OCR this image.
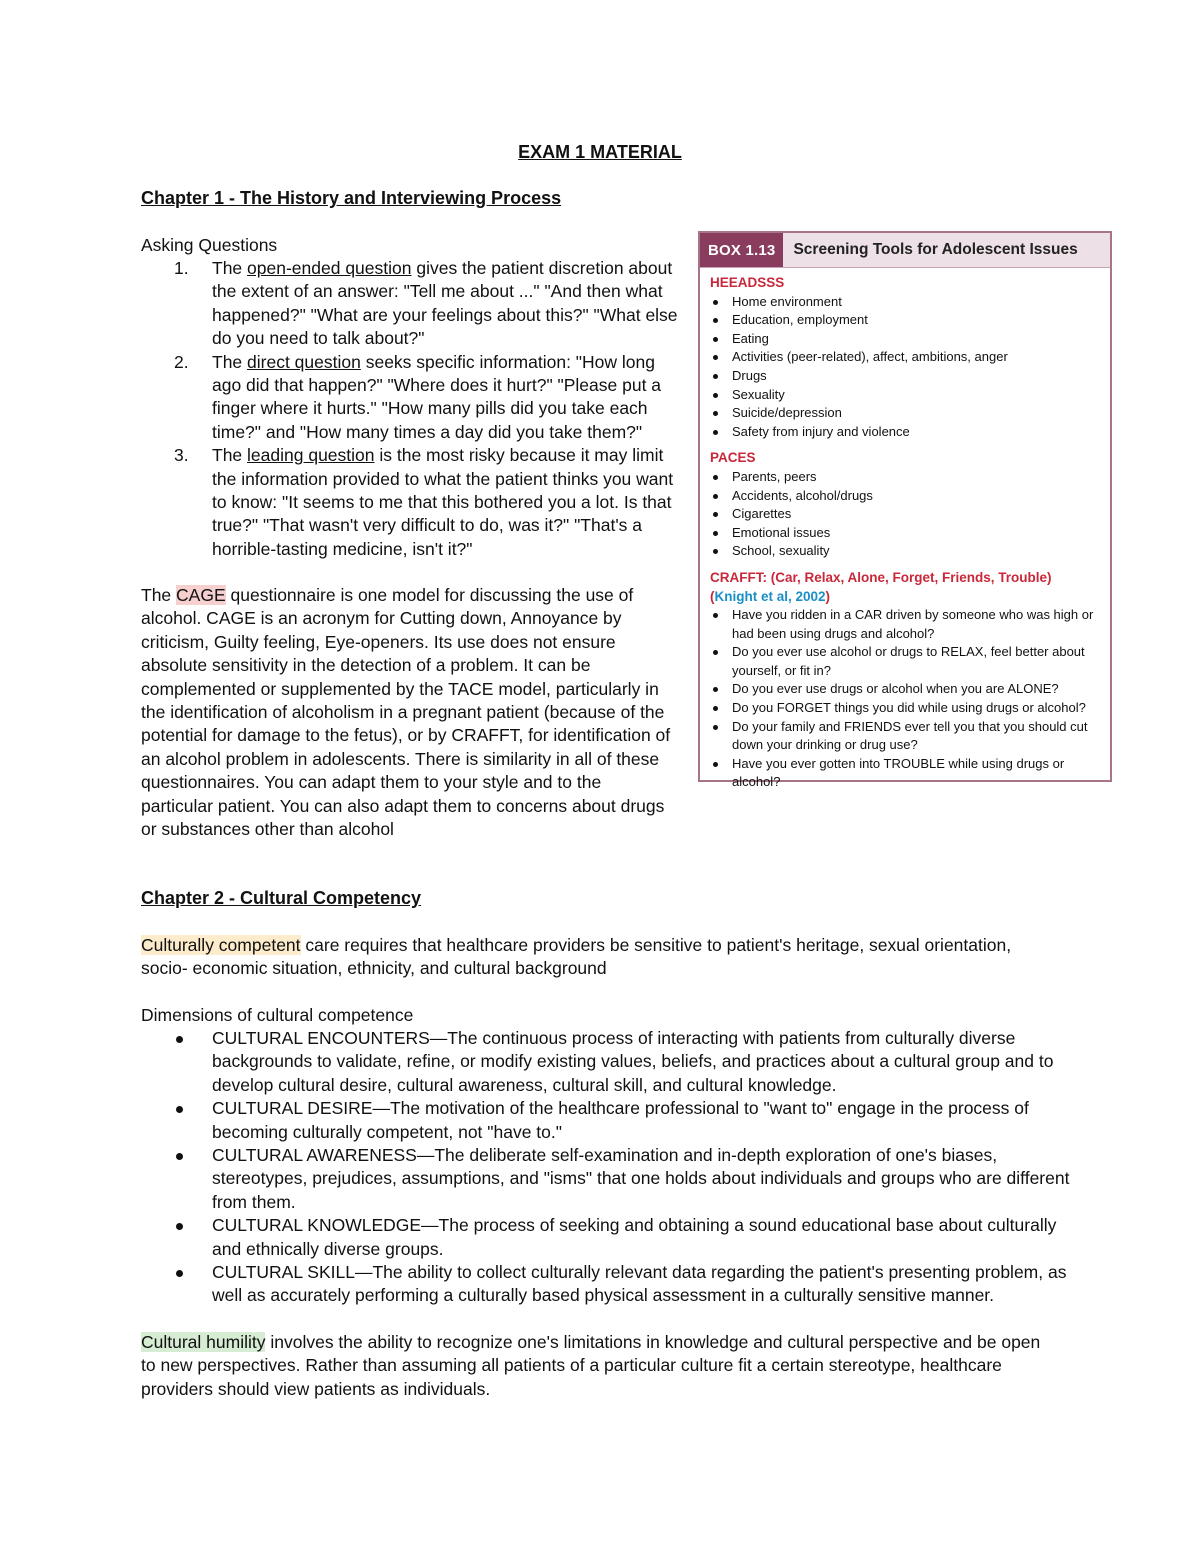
EXAM 1 MATERIAL
Chapter 1 - The History and Interviewing Process

Asking Questions

1. The open-ended question gives the patient discretion about the extent of an answer: "Tell me about ..." "And then what happened?" "What are your feelings about this?" "What else do you need to talk about?"
2. The direct question seeks specific information: "How long ago did that happen?" "Where does it hurt?" "Please put a finger where it hurts." "How many pills did you take each time?" and "How many times a day did you take them?"
3. The leading question is the most risky because it may limit the information provided to what the patient thinks you want to know: "It seems to me that this bothered you a lot. Is that true?" "That wasn't very difficult to do, was it?" "That's a horrible-tasting medicine, isn't it?"

The CAGE questionnaire is one model for discussing the use of alcohol. CAGE is an acronym for Cutting down, Annoyance by criticism, Guilty feeling, Eye-openers. Its use does not ensure absolute sensitivity in the detection of a problem. It can be complemented or supplemented by the TACE model, particularly in the identification of alcoholism in a pregnant patient (because of the potential for damage to the fetus), or by CRAFFT, for identification of an alcohol problem in adolescents. There is similarity in all of these questionnaires. You can adapt them to your style and to the particular patient. You can also adapt them to concerns about drugs or substances other than alcohol

BOX 1.13	Screening Tools for Adolescent Issues
HEEADSSS
Home environment
Education, employment
Eating
Activities (peer-related), affect, ambitions, anger
Drugs
Sexuality
Suicide/depression
Safety from injury and violence
PACES
Parents, peers
Accidents, alcohol/drugs
Cigarettes
Emotional issues
School, sexuality
CRAFFT: (Car, Relax, Alone, Forget, Friends, Trouble) (Knight et al, 2002)
Have you ridden in a CAR driven by someone who was high or had been using drugs and alcohol?
Do you ever use alcohol or drugs to RELAX, feel better about yourself, or fit in?
Do you ever use drugs or alcohol when you are ALONE?
Do you FORGET things you did while using drugs or alcohol?
Do your family and FRIENDS ever tell you that you should cut down your drinking or drug use?
Have you ever gotten into TROUBLE while using drugs or alcohol?
Chapter 2 - Cultural Competency

Culturally competent care requires that healthcare providers be sensitive to patient's heritage, sexual orientation, socio- economic situation, ethnicity, and cultural background

Dimensions of cultural competence

CULTURAL ENCOUNTERS—The continuous process of interacting with patients from culturally diverse backgrounds to validate, refine, or modify existing values, beliefs, and practices about a cultural group and to develop cultural desire, cultural awareness, cultural skill, and cultural knowledge.
CULTURAL DESIRE—The motivation of the healthcare professional to "want to" engage in the process of becoming culturally competent, not "have to."
CULTURAL AWARENESS—The deliberate self-examination and in-depth exploration of one's biases, stereotypes, prejudices, assumptions, and "isms" that one holds about individuals and groups who are different from them.
CULTURAL KNOWLEDGE—The process of seeking and obtaining a sound educational base about culturally and ethnically diverse groups.
CULTURAL SKILL—The ability to collect culturally relevant data regarding the patient's presenting problem, as well as accurately performing a culturally based physical assessment in a culturally sensitive manner.

Cultural humility involves the ability to recognize one's limitations in knowledge and cultural perspective and be open to new perspectives. Rather than assuming all patients of a particular culture fit a certain stereotype, healthcare providers should view patients as individuals.
